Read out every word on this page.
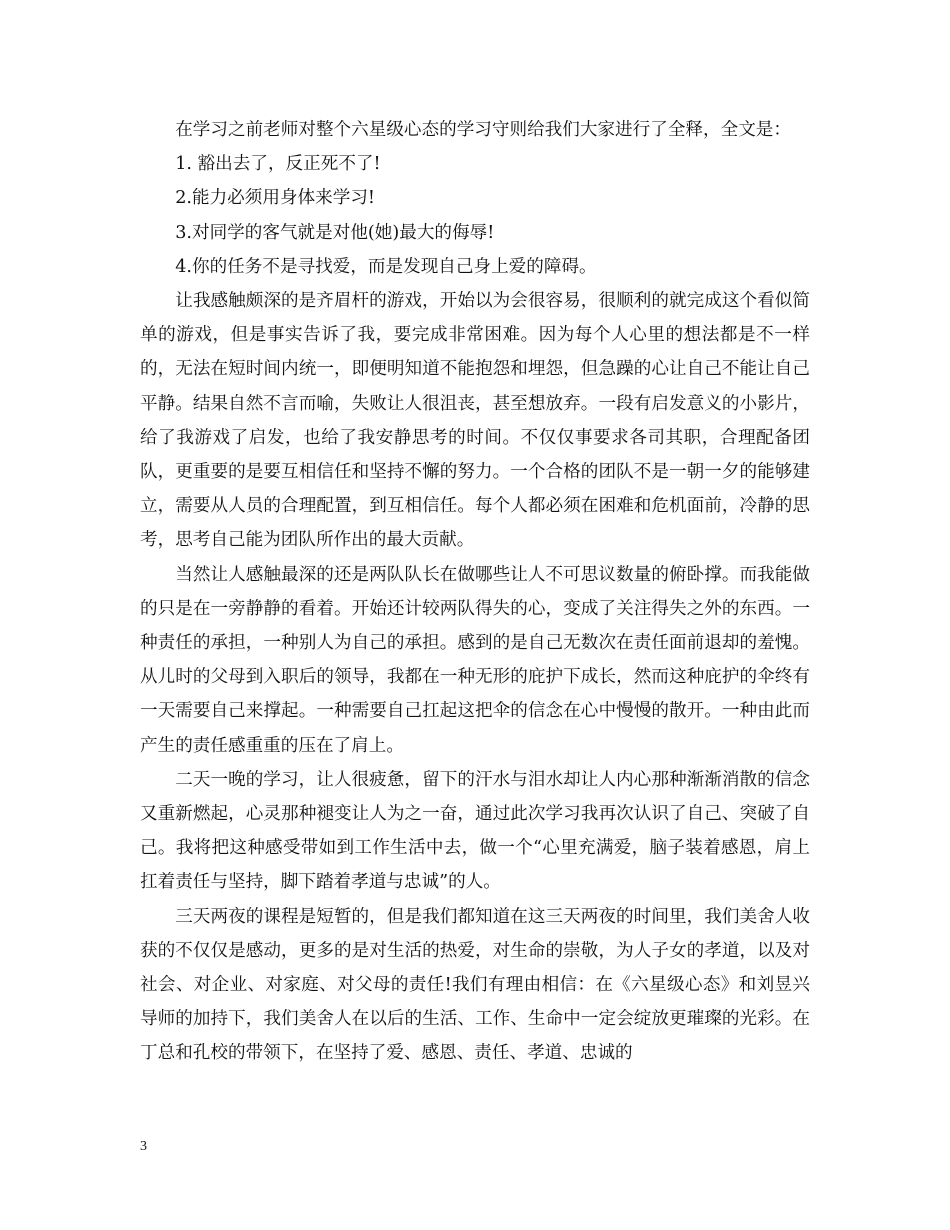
在学习之前老师对整个六星级心态的学习守则给我们大家进行了全释，全文是：

1. 豁出去了，反正死不了!

2.能力必须用身体来学习!

3.对同学的客气就是对他(她)最大的侮辱!

4.你的任务不是寻找爱，而是发现自己身上爱的障碍。

让我感触颇深的是齐眉杆的游戏，开始以为会很容易，很顺利的就完成这个看似简单的游戏，但是事实告诉了我，要完成非常困难。因为每个人心里的想法都是不一样的，无法在短时间内统一，即便明知道不能抱怨和埋怨，但急躁的心让自己不能让自己平静。结果自然不言而喻，失败让人很沮丧，甚至想放弃。一段有启发意义的小影片，给了我游戏了启发，也给了我安静思考的时间。不仅仅事要求各司其职，合理配备团队，更重要的是要互相信任和坚持不懈的努力。一个合格的团队不是一朝一夕的能够建立，需要从人员的合理配置，到互相信任。每个人都必须在困难和危机面前，冷静的思考，思考自己能为团队所作出的最大贡献。

当然让人感触最深的还是两队队长在做哪些让人不可思议数量的俯卧撑。而我能做的只是在一旁静静的看着。开始还计较两队得失的心，变成了关注得失之外的东西。一种责任的承担，一种别人为自己的承担。感到的是自己无数次在责任面前退却的羞愧。从儿时的父母到入职后的领导，我都在一种无形的庇护下成长，然而这种庇护的伞终有一天需要自己来撑起。一种需要自己扛起这把伞的信念在心中慢慢的散开。一种由此而产生的责任感重重的压在了肩上。

二天一晚的学习，让人很疲惫，留下的汗水与泪水却让人内心那种渐渐消散的信念又重新燃起，心灵那种褪变让人为之一奋，通过此次学习我再次认识了自己、突破了自己。我将把这种感受带如到工作生活中去，做一个“心里充满爱，脑子装着感恩，肩上扛着责任与坚持，脚下踏着孝道与忠诚”的人。

三天两夜的课程是短暂的，但是我们都知道在这三天两夜的时间里，我们美舍人收获的不仅仅是感动，更多的是对生活的热爱，对生命的崇敬，为人子女的孝道，以及对社会、对企业、对家庭、对父母的责任!我们有理由相信：在《六星级心态》和刘昱兴导师的加持下，我们美舍人在以后的生活、工作、生命中一定会绽放更璀璨的光彩。在丁总和孔校的带领下，在坚持了爱、感恩、责任、孝道、忠诚的

3
